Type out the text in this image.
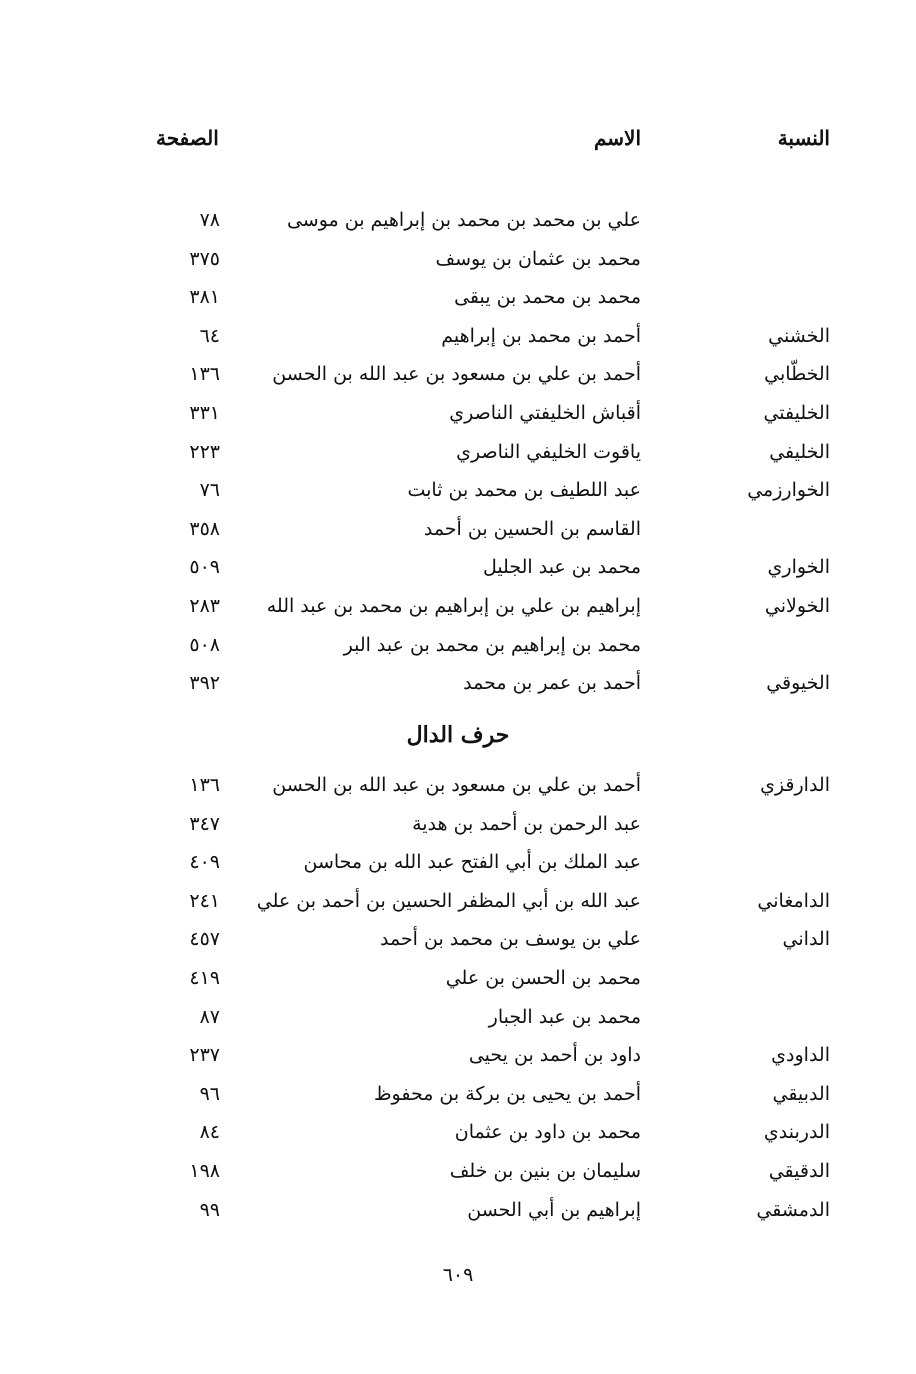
النسبة
الاسم
الصفحة
علي بن محمد بن محمد بن إبراهيم بن موسى
٧٨
محمد بن عثمان بن يوسف
٣٧٥
محمد بن محمد بن يبقى
٣٨١
الخشني
أحمد بن محمد بن إبراهيم
٦٤
الخطّابي
أحمد بن علي بن مسعود بن عبد الله بن الحسن
١٣٦
الخليفتي
أقباش الخليفتي الناصري
٣٣١
الخليفي
ياقوت الخليفي الناصري
٢٢٣
الخوارزمي
عبد اللطيف بن محمد بن ثابت
٧٦
القاسم بن الحسين بن أحمد
٣٥٨
الخواري
محمد بن عبد الجليل
٥٠٩
الخولاني
إبراهيم بن علي بن إبراهيم بن محمد بن عبد الله
٢٨٣
محمد بن إبراهيم بن محمد بن عبد البر
٥٠٨
الخيوقي
أحمد بن عمر بن محمد
٣٩٢
حرف الدال
الدارقزي
أحمد بن علي بن مسعود بن عبد الله بن الحسن
١٣٦
عبد الرحمن بن أحمد بن هدية
٣٤٧
عبد الملك بن أبي الفتح عبد الله بن محاسن
٤٠٩
الدامغاني
عبد الله بن أبي المظفر الحسين بن أحمد بن علي
٢٤١
الداني
علي بن يوسف بن محمد بن أحمد
٤٥٧
محمد بن الحسن بن علي
٤١٩
محمد بن عبد الجبار
٨٧
الداودي
داود بن أحمد بن يحيى
٢٣٧
الدبيقي
أحمد بن يحيى بن بركة بن محفوظ
٩٦
الدربندي
محمد بن داود بن عثمان
٨٤
الدقيقي
سليمان بن بنين بن خلف
١٩٨
الدمشقي
إبراهيم بن أبي الحسن
٩٩
٦٠٩
